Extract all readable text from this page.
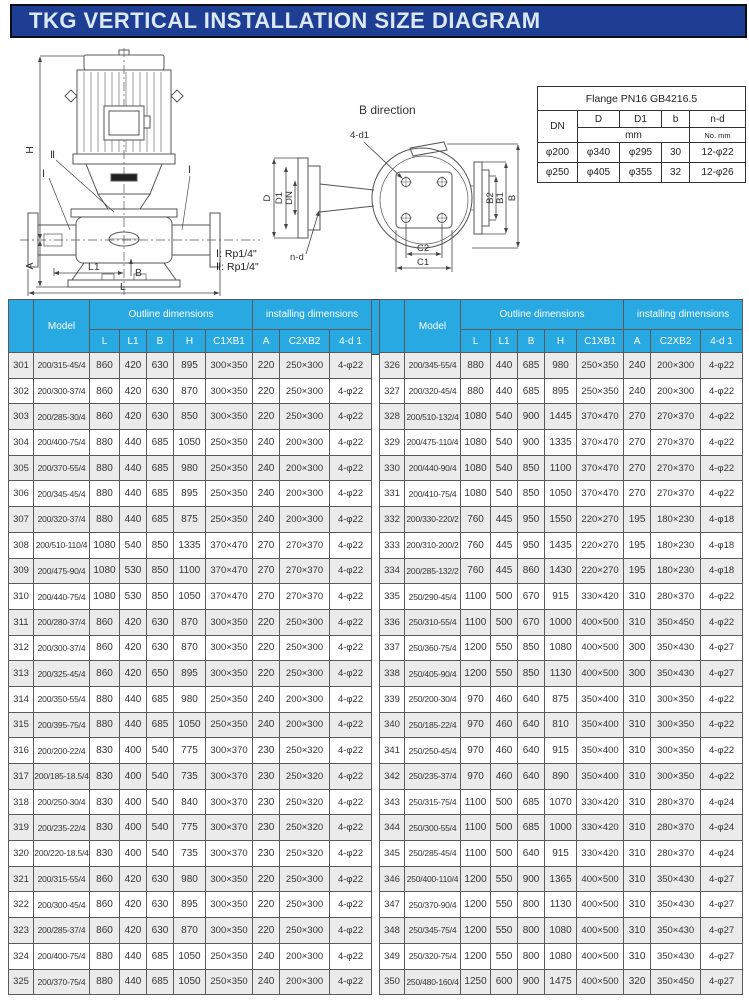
TKG VERTICAL INSTALLATION SIZE DIAGRAM
H
A	L1
L
B
Ⅱ
Ⅰ	Ⅰ
Ⅰ: Rp1/4"
Ⅱ: Rp1/4"
B direction
4-d1
D D1 DN
n-d
C2
C1
B2 B1 B
Flange PN16 GB4216.5				
DN	D	D1	b	n-d
	mm			No. mm
φ200	φ340	φ295	30	12-φ22
φ250	φ405	φ355	32	12-φ26
	Model	Outline dimensions					installing dimensions		
		L	L1	B	H	C1XB1	A	C2XB2	4-d 1
301	200/315-45/4	860	420	630	895	300×350	220	250×300	4-φ22
302	200/300-37/4	860	420	630	870	300×350	220	250×300	4-φ22
303	200/285-30/4	860	420	630	850	300×350	220	250×300	4-φ22
304	200/400-75/4	880	440	685	1050	250×350	240	200×300	4-φ22
305	200/370-55/4	880	440	685	980	250×350	240	200×300	4-φ22
306	200/345-45/4	880	440	685	895	250×350	240	200×300	4-φ22
307	200/320-37/4	880	440	685	875	250×350	240	200×300	4-φ22
308	200/510-110/4	1080	540	850	1335	370×470	270	270×370	4-φ22
309	200/475-90/4	1080	530	850	1100	370×470	270	270×370	4-φ22
310	200/440-75/4	1080	530	850	1050	370×470	270	270×370	4-φ22
311	200/280-37/4	860	420	630	870	300×350	220	250×300	4-φ22
312	200/300-37/4	860	420	630	870	300×350	220	250×300	4-φ22
313	200/325-45/4	860	420	650	895	300×350	220	250×300	4-φ22
314	200/350-55/4	880	440	685	980	250×350	240	200×300	4-φ22
315	200/395-75/4	880	440	685	1050	250×350	240	200×300	4-φ22
316	200/200-22/4	830	400	540	775	300×370	230	250×320	4-φ22
317	200/185-18.5/4	830	400	540	735	300×370	230	250×320	4-φ22
318	200/250-30/4	830	400	540	840	300×370	230	250×320	4-φ22
319	200/235-22/4	830	400	540	775	300×370	230	250×320	4-φ22
320	200/220-18.5/4	830	400	540	735	300×370	230	250×320	4-φ22
321	200/315-55/4	860	420	630	980	300×350	220	250×300	4-φ22
322	200/300-45/4	860	420	630	895	300×350	220	250×300	4-φ22
323	200/285-37/4	860	420	630	870	300×350	220	250×300	4-φ22
324	200/400-75/4	880	440	685	1050	250×350	240	200×300	4-φ22
325	200/370-75/4	880	440	685	1050	250×350	240	200×300	4-φ22
	Model	Outline dimensions					installing dimensions		
		L	L1	B	H	C1XB1	A	C2XB2	4-d 1
326	200/345-55/4	880	440	685	980	250×350	240	200×300	4-φ22
327	200/320-45/4	880	440	685	895	250×350	240	200×300	4-φ22
328	200/510-132/4	1080	540	900	1445	370×470	270	270×370	4-φ22
329	200/475-110/4	1080	540	900	1335	370×470	270	270×370	4-φ22
330	200/440-90/4	1080	540	850	1100	370×470	270	270×370	4-φ22
331	200/410-75/4	1080	540	850	1050	370×470	270	270×370	4-φ22
332	200/330-220/2	760	445	950	1550	220×270	195	180×230	4-φ18
333	200/310-200/2	760	445	950	1435	220×270	195	180×230	4-φ18
334	200/285-132/2	760	445	860	1430	220×270	195	180×230	4-φ18
335	250/290-45/4	1100	500	670	915	330×420	310	280×370	4-φ22
336	250/310-55/4	1100	500	670	1000	400×500	310	350×450	4-φ22
337	250/360-75/4	1200	550	850	1080	400×500	300	350×430	4-φ27
338	250/405-90/4	1200	550	850	1130	400×500	300	350×430	4-φ27
339	250/200-30/4	970	460	640	875	350×400	310	300×350	4-φ22
340	250/185-22/4	970	460	640	810	350×400	310	300×350	4-φ22
341	250/250-45/4	970	460	640	915	350×400	310	300×350	4-φ22
342	250/235-37/4	970	460	640	890	350×400	310	300×350	4-φ22
343	250/315-75/4	1100	500	685	1070	330×420	310	280×370	4-φ24
344	250/300-55/4	1100	500	685	1000	330×420	310	280×370	4-φ24
345	250/285-45/4	1100	500	640	915	330×420	310	280×370	4-φ24
346	250/400-110/4	1200	550	900	1365	400×500	310	350×430	4-φ27
347	250/370-90/4	1200	550	800	1130	400×500	310	350×430	4-φ27
348	250/345-75/4	1200	550	800	1080	400×500	310	350×430	4-φ27
349	250/320-75/4	1200	550	800	1080	400×500	310	350×430	4-φ27
350	250/480-160/4	1250	600	900	1475	400×500	320	350×450	4-φ27
